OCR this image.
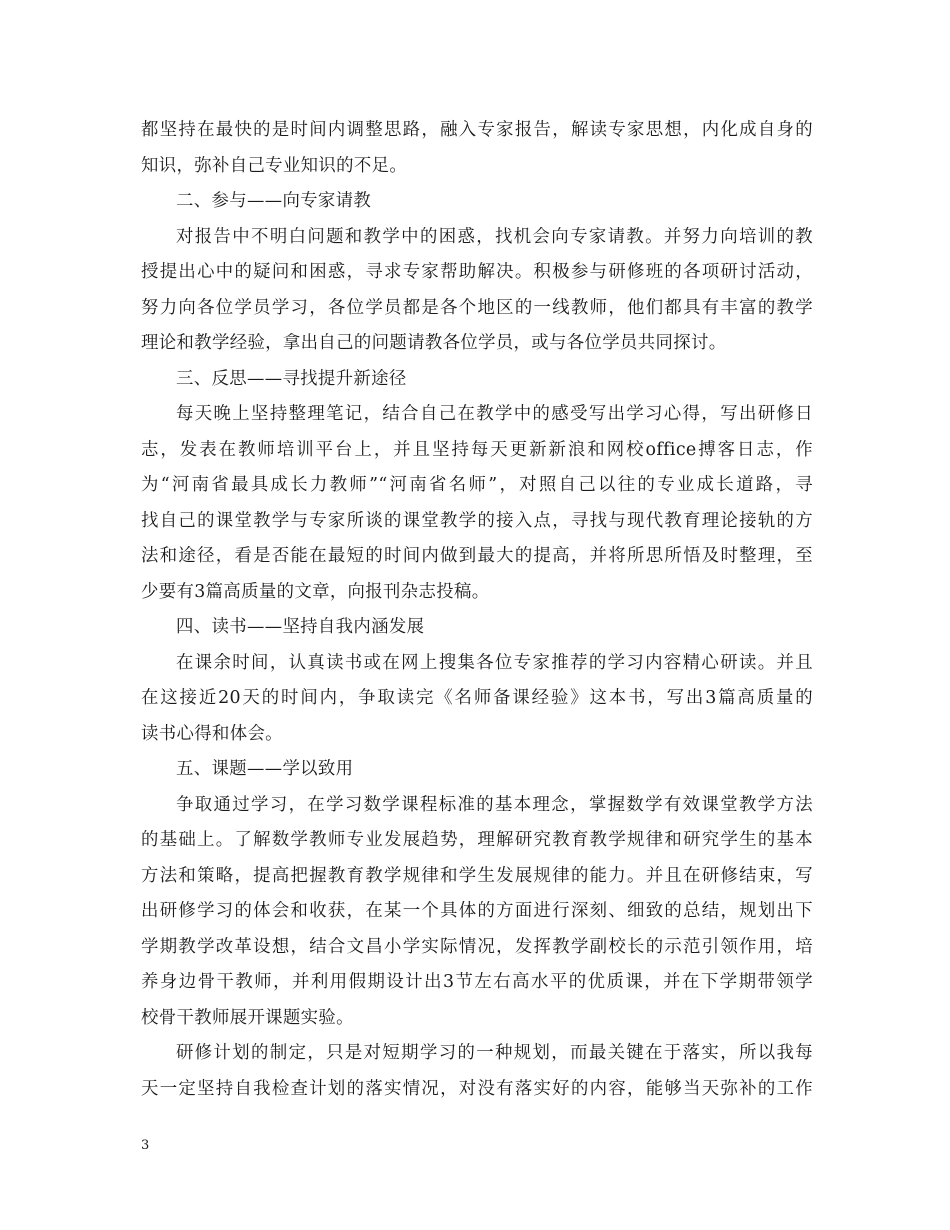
都坚持在最快的是时间内调整思路，融入专家报告，解读专家思想，内化成自身的
知识，弥补自己专业知识的不足。
二、参与——向专家请教
对报告中不明白问题和教学中的困惑，找机会向专家请教。并努力向培训的教
授提出心中的疑问和困惑，寻求专家帮助解决。积极参与研修班的各项研讨活动，
努力向各位学员学习，各位学员都是各个地区的一线教师，他们都具有丰富的教学
理论和教学经验，拿出自己的问题请教各位学员，或与各位学员共同探讨。
三、反思——寻找提升新途径
每天晚上坚持整理笔记，结合自己在教学中的感受写出学习心得，写出研修日
志，发表在教师培训平台上，并且坚持每天更新新浪和网校office搏客日志，作
为“河南省最具成长力教师”“河南省名师”，对照自己以往的专业成长道路，寻
找自己的课堂教学与专家所谈的课堂教学的接入点，寻找与现代教育理论接轨的方
法和途径，看是否能在最短的时间内做到最大的提高，并将所思所悟及时整理，至
少要有3篇高质量的文章，向报刊杂志投稿。
四、读书——坚持自我内涵发展
在课余时间，认真读书或在网上搜集各位专家推荐的学习内容精心研读。并且
在这接近20天的时间内，争取读完《名师备课经验》这本书，写出3篇高质量的
读书心得和体会。
五、课题——学以致用
争取通过学习，在学习数学课程标准的基本理念，掌握数学有效课堂教学方法
的基础上。了解数学教师专业发展趋势，理解研究教育教学规律和研究学生的基本
方法和策略，提高把握教育教学规律和学生发展规律的能力。并且在研修结束，写
出研修学习的体会和收获，在某一个具体的方面进行深刻、细致的总结，规划出下
学期教学改革设想，结合文昌小学实际情况，发挥教学副校长的示范引领作用，培
养身边骨干教师，并利用假期设计出3节左右高水平的优质课，并在下学期带领学
校骨干教师展开课题实验。
研修计划的制定，只是对短期学习的一种规划，而最关键在于落实，所以我每
天一定坚持自我检查计划的落实情况，对没有落实好的内容，能够当天弥补的工作
3
